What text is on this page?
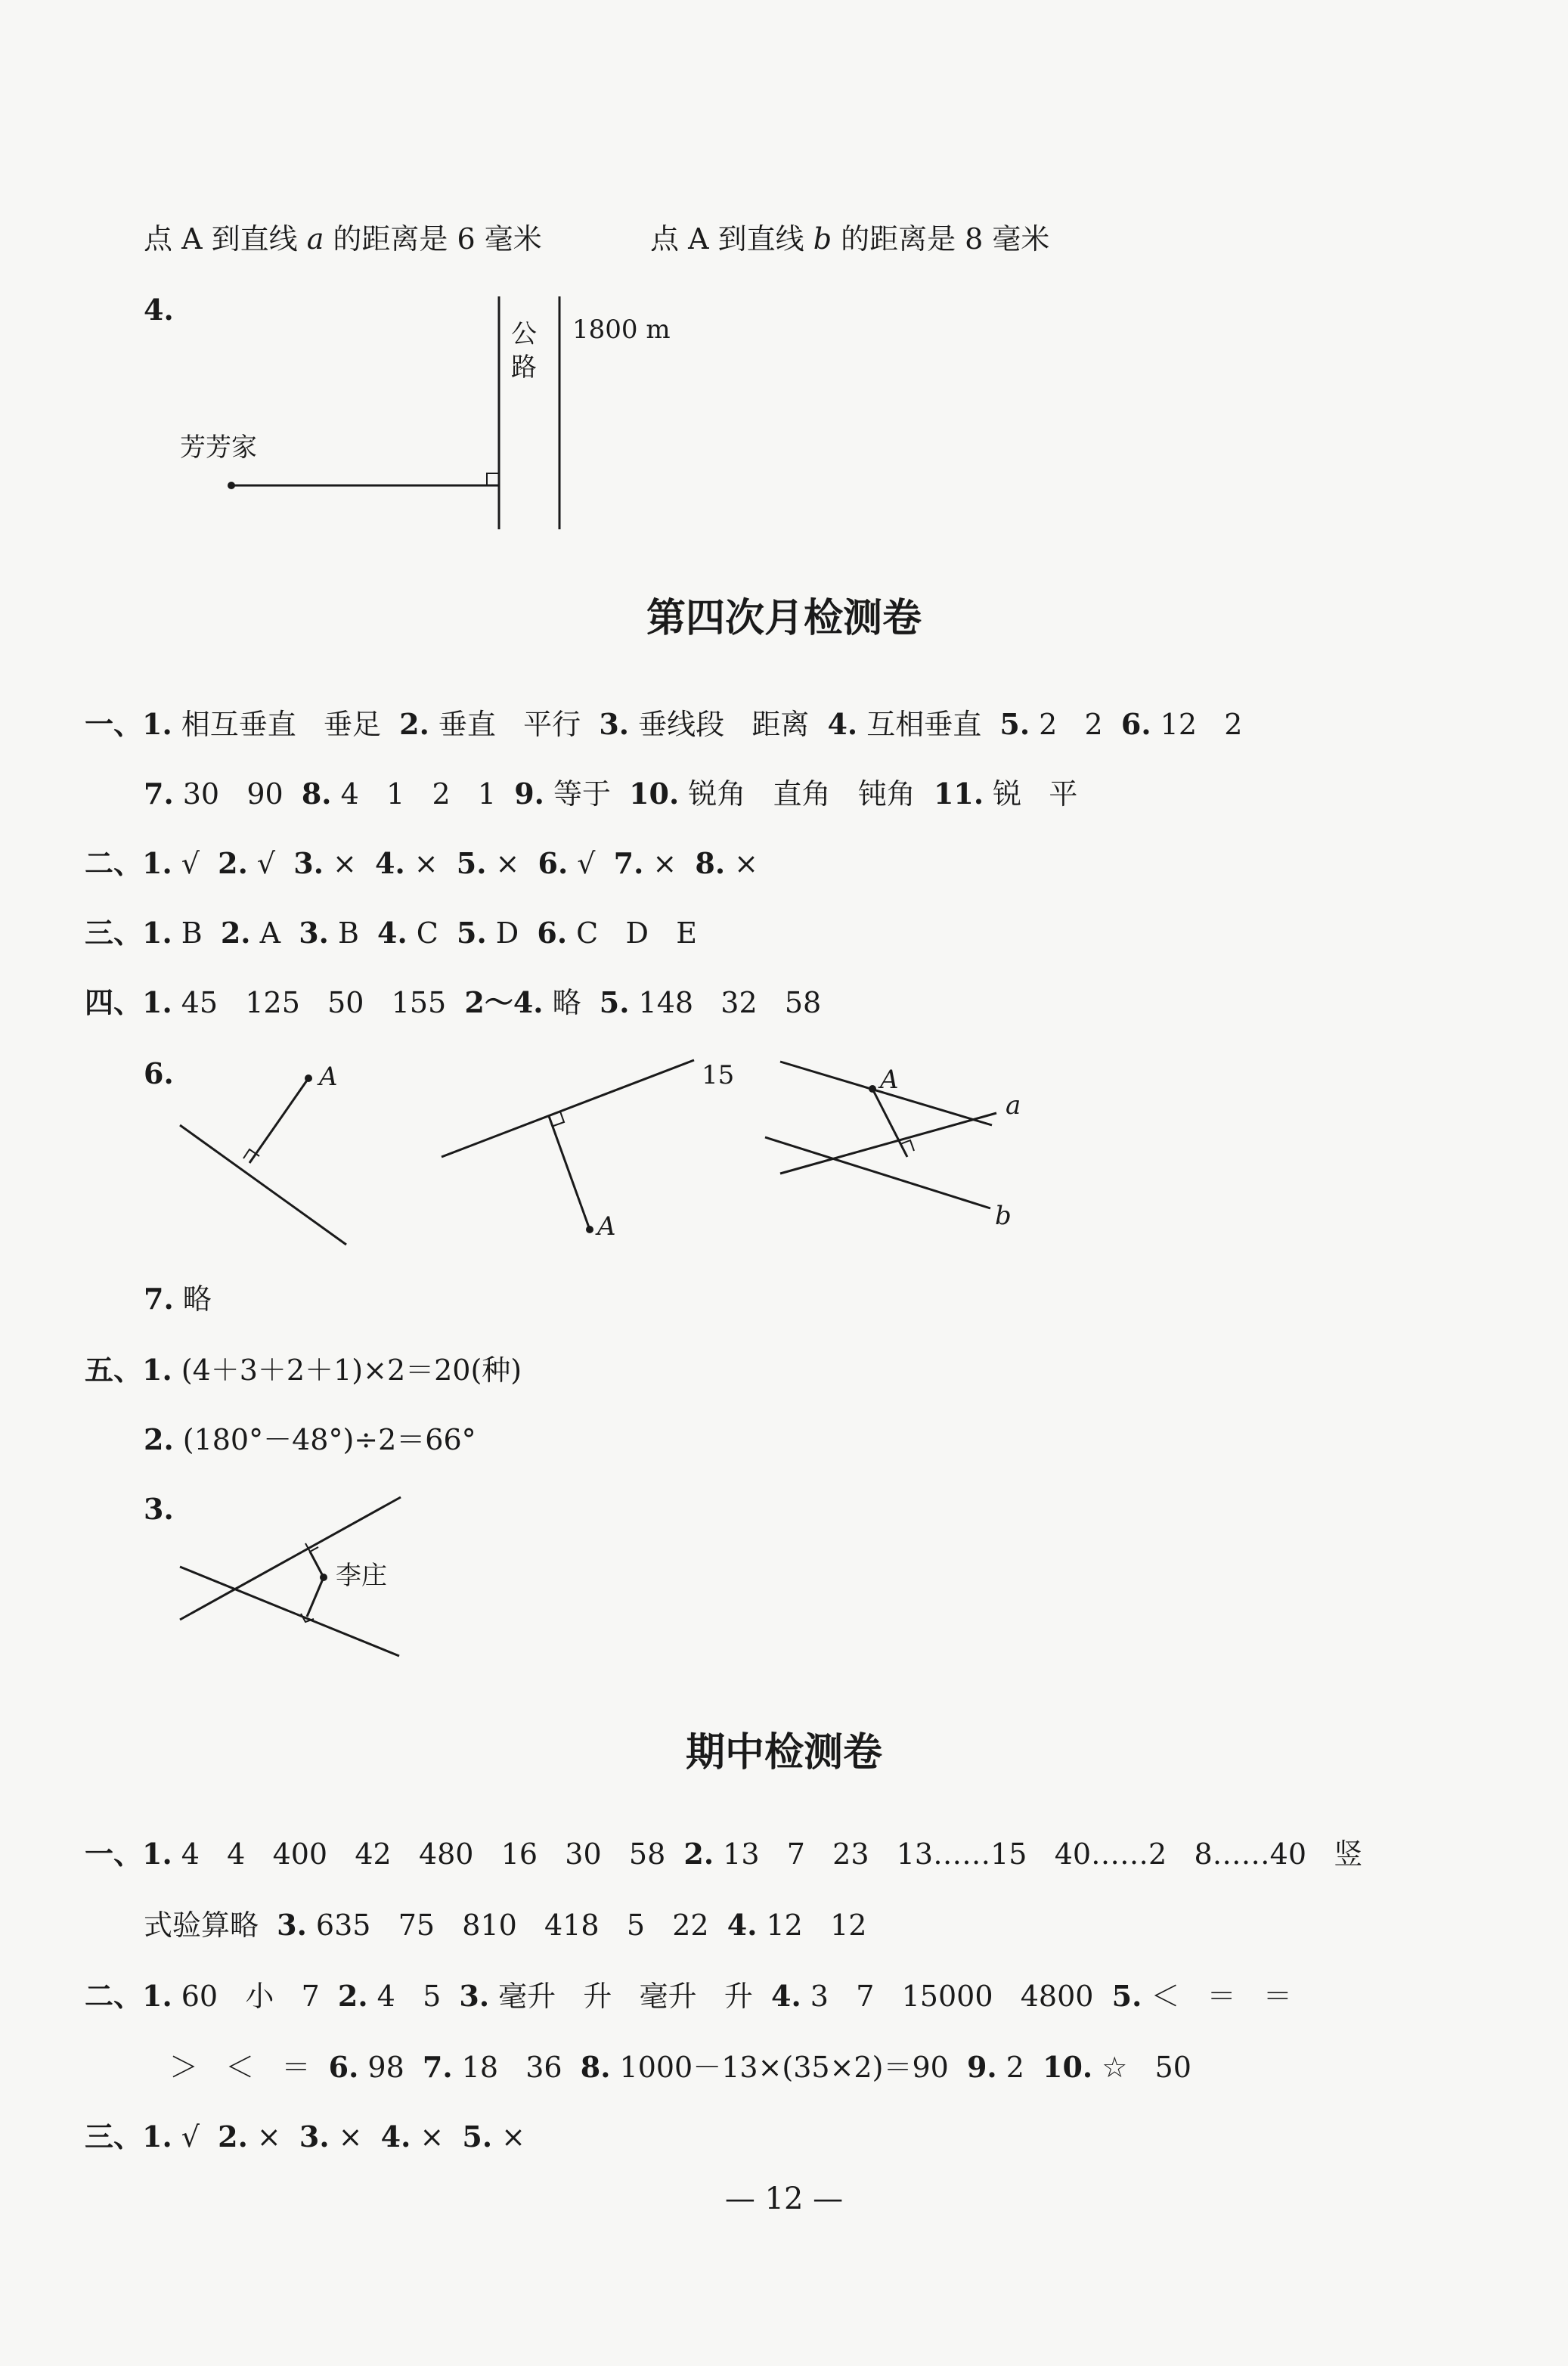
点 A 到直线 a 的距离是 6 毫米	点 A 到直线 b 的距离是 8 毫米
4.
公路
1800 m
芳芳家
第四次月检测卷
一、1. 相互垂直   垂足  2. 垂直   平行  3. 垂线段   距离  4. 互相垂直  5. 2   2  6. 12   2
7. 30   90  8. 4   1   2   1  9. 等于  10. 锐角   直角   钝角  11. 锐   平
二、1. √  2. √  3. ×  4. ×  5. ×  6. √  7. ×  8. ×
三、1. B  2. A  3. B  4. C  5. D  6. C   D   E
四、1. 45   125   50   155  2～4. 略  5. 148   32   58
6.	A	15
A
A
a
b
7. 略
五、1. (4＋3＋2＋1)×2＝20(种)
2. (180°－48°)÷2＝66°
3.
李庄
期中检测卷
一、1. 4   4   400   42   480   16   30   58  2. 13   7   23   13……15   40……2   8……40   竖
式验算略  3. 635   75   810   418   5   22  4. 12   12
二、1. 60   小   7  2. 4   5  3. 毫升   升   毫升   升  4. 3   7   15000   4800  5. ＜   ＝   ＝
＞   ＜   ＝  6. 98  7. 18   36  8. 1000－13×(35×2)＝90  9. 2  10. ☆   50
三、1. √  2. ×  3. ×  4. ×  5. ×
— 12 —
